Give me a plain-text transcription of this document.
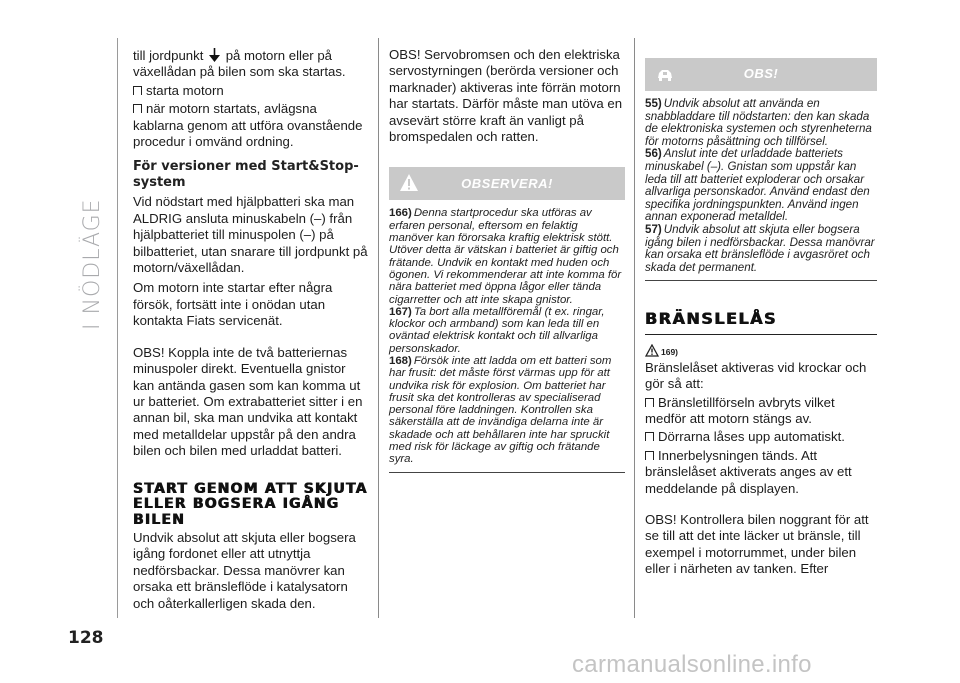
I NÖDLÄGE
128

till jordpunkt på motorn eller på växellådan på bilen som ska startas.

starta motorn

när motorn startats, avlägsna kablarna genom att utföra ovanstående procedur i omvänd ordning.

För versioner med Start&Stop-system

Vid nödstart med hjälpbatteri ska man ALDRIG ansluta minuskabeln (–) från hjälpbatteriet till minuspolen (–) på bilbatteriet, utan snarare till jordpunkt på motorn/växellådan.

Om motorn inte startar efter några försök, fortsätt inte i onödan utan kontakta Fiats servicenät.

OBS! Koppla inte de två batteriernas minuspoler direkt. Eventuella gnistor kan antända gasen som kan komma ut ur batteriet. Om extrabatteriet sitter i en annan bil, ska man undvika att kontakt med metalldelar uppstår på den andra bilen och bilen med urladdat batteri.

START GENOM ATT SKJUTA ELLER BOGSERA IGÅNG BILEN

Undvik absolut att skjuta eller bogsera igång fordonet eller att utnyttja nedförsbackar. Dessa manövrer kan orsaka ett bränsleflöde i katalysatorn och oåterkallerligen skada den.

OBS! Servobromsen och den elektriska servostyrningen (berörda versioner och marknader) aktiveras inte förrän motorn har startats. Därför måste man utöva en avsevärt större kraft än vanligt på bromspedalen och ratten.

OBSERVERA!
166) Denna startprocedur ska utföras av erfaren personal, eftersom en felaktig manöver kan förorsaka kraftig elektrisk stött. Utöver detta är vätskan i batteriet är giftig och frätande. Undvik en kontakt med huden och ögonen. Vi rekommenderar att inte komma för nära batteriet med öppna lågor eller tända cigarretter och att inte skapa gnistor.
167) Ta bort alla metallföremål (t ex. ringar, klockor och armband) som kan leda till en oväntad elektrisk kontakt och till allvarliga personskador.
168) Försök inte att ladda om ett batteri som har frusit: det måste först värmas upp för att undvika risk för explosion. Om batteriet har frusit ska det kontrolleras av specialiserad personal före laddningen. Kontrollen ska säkerställa att de invändiga delarna inte är skadade och att behållaren inte har spruckit med risk för läckage av giftig och frätande syra.
OBS!
55) Undvik absolut att använda en snabbladdare till nödstarten: den kan skada de elektroniska systemen och styrenheterna för motorns påsättning och tillförsel.
56) Anslut inte det urladdade batteriets minuskabel (–). Gnistan som uppstår kan leda till att batteriet exploderar och orsakar allvarliga personskador. Använd endast den specifika jordningspunkten. Använd ingen annan exponerad metalldel.
57) Undvik absolut att skjuta eller bogsera igång bilen i nedförsbackar. Dessa manövrar kan orsaka ett bränsleflöde i avgasröret och skada det permanent.
BRÄNSLELÅS
169)

Bränslelåset aktiveras vid krockar och gör så att:

Bränsletillförseln avbryts vilket medför att motorn stängs av.

Dörrarna låses upp automatiskt.

Innerbelysningen tänds. Att bränslelåset aktiverats anges av ett meddelande på displayen.

OBS! Kontrollera bilen noggrant för att se till att det inte läcker ut bränsle, till exempel i motorrummet, under bilen eller i närheten av tanken. Efter

carmanualsonline.info
